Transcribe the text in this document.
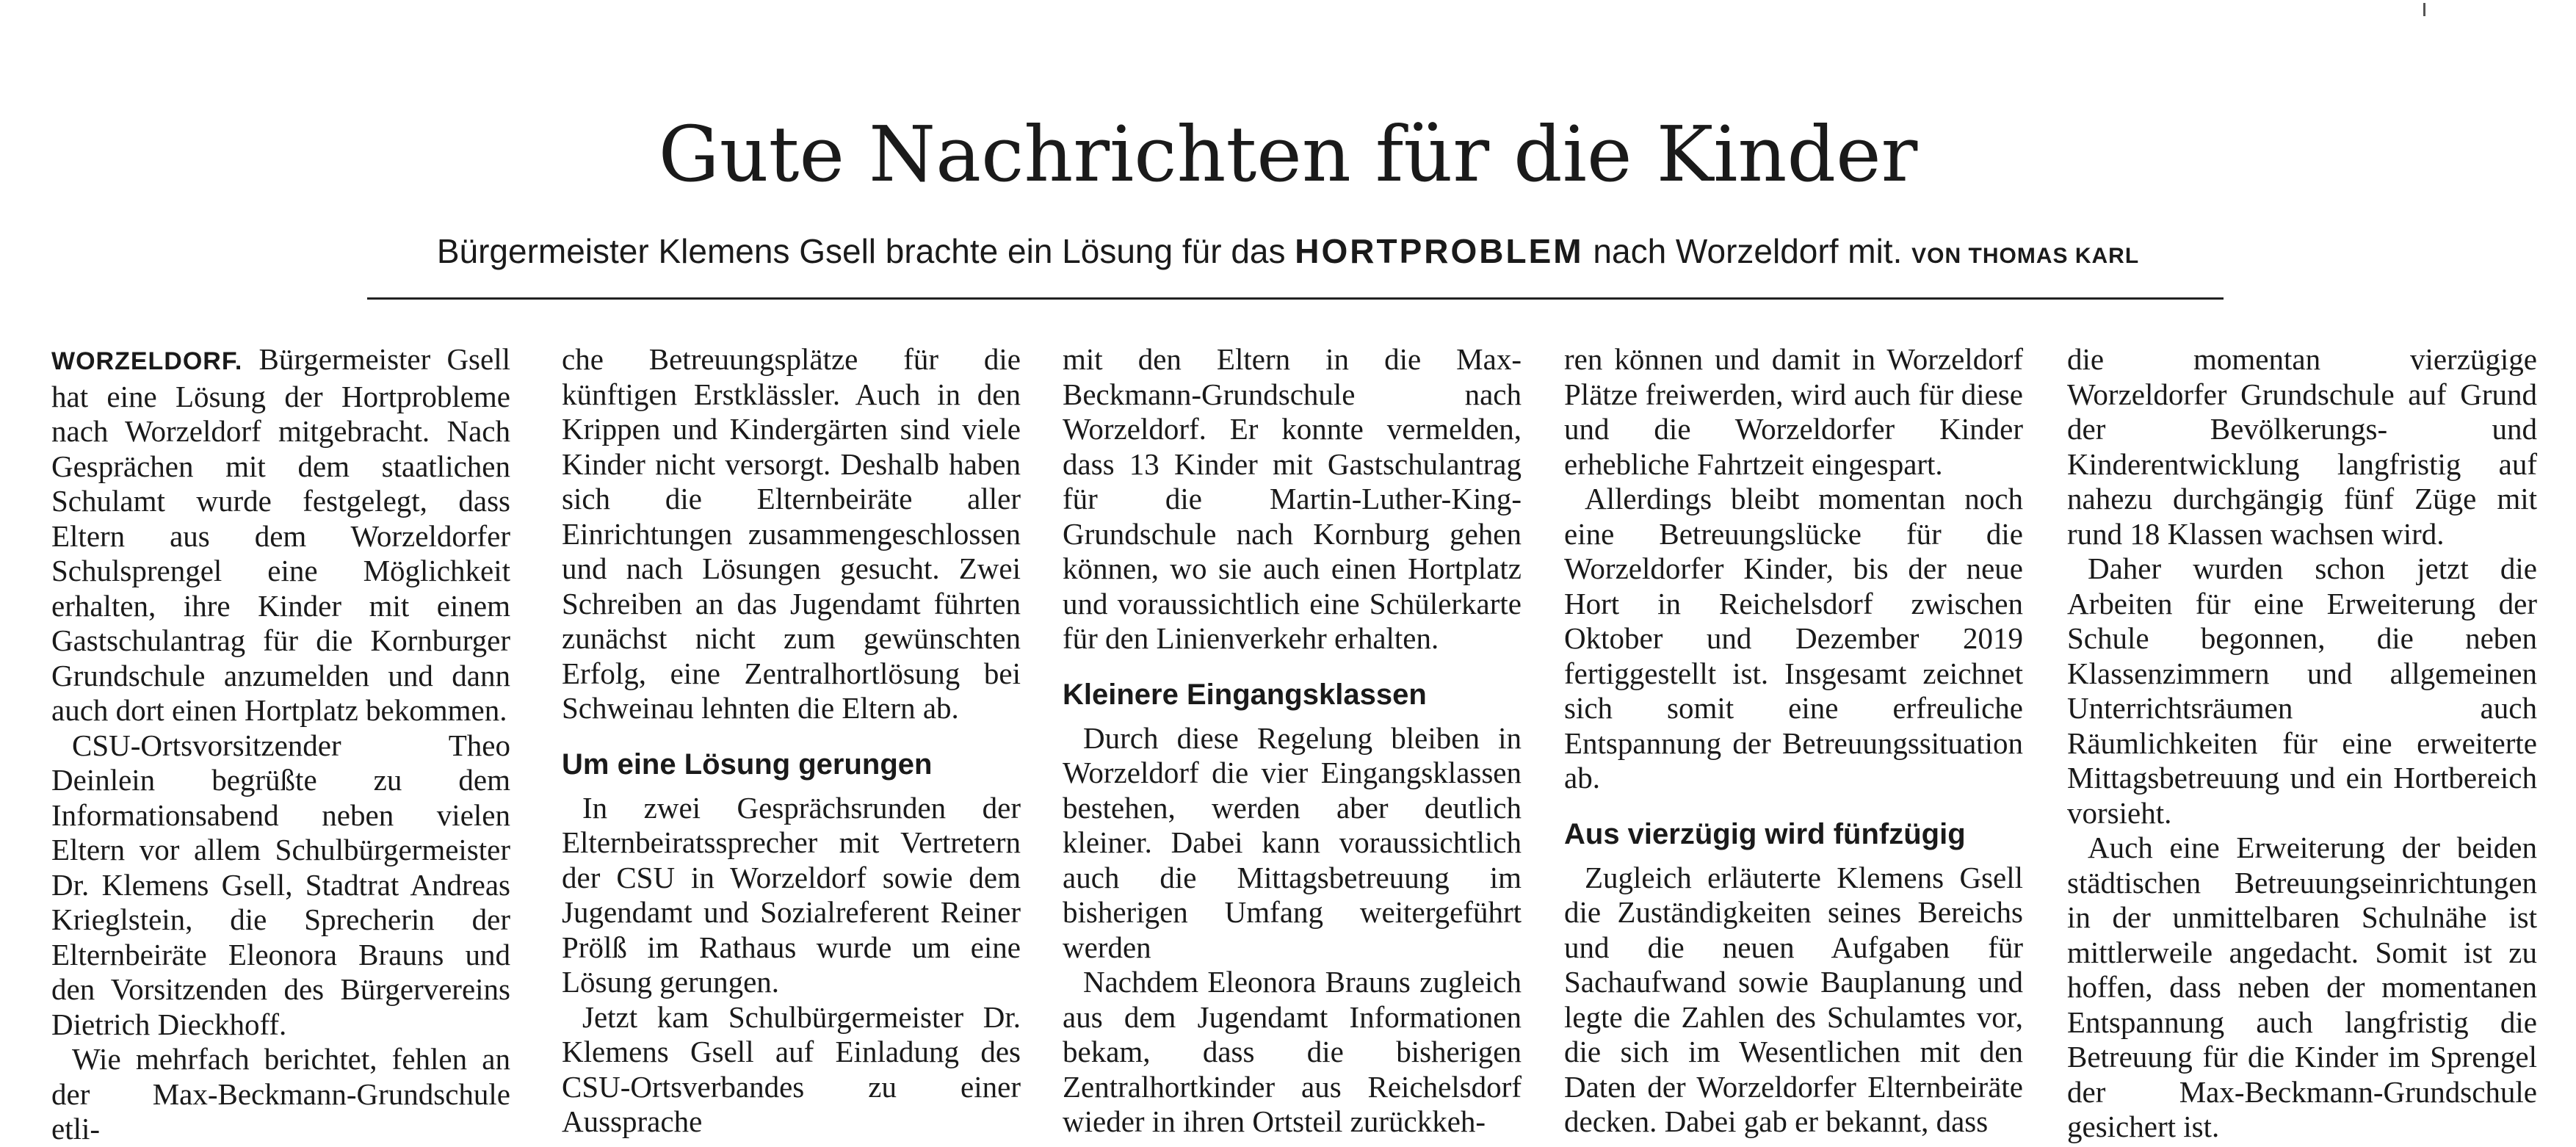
Gute Nachrichten für die Kinder
Bürgermeister Klemens Gsell brachte ein Lösung für das HORTPROBLEM nach Worzeldorf mit. VON THOMAS KARL

WORZELDORF. Bürgermeister Gsell hat eine Lösung der Hortprobleme nach Worzeldorf mitgebracht. Nach Gesprächen mit dem staatlichen Schulamt wurde festgelegt, dass Eltern aus dem Worzeldorfer Schulsprengel eine Möglichkeit erhalten, ihre Kinder mit einem Gastschulantrag für die Kornburger Grundschule anzumelden und dann auch dort einen Hortplatz bekommen.

CSU-Ortsvorsitzender Theo Deinlein begrüßte zu dem Informationsabend neben vielen Eltern vor allem Schulbürgermeister Dr. Klemens Gsell, Stadtrat Andreas Krieglstein, die Sprecherin der Elternbeiräte Eleonora Brauns und den Vorsitzenden des Bürgervereins Dietrich Dieckhoff.

Wie mehrfach berichtet, fehlen an der Max-Beckmann-Grundschule etli-

che Betreuungsplätze für die künftigen Erstklässler. Auch in den Krippen und Kindergärten sind viele Kinder nicht versorgt. Deshalb haben sich die Elternbeiräte aller Einrichtungen zusammengeschlossen und nach Lösungen gesucht. Zwei Schreiben an das Jugendamt führten zunächst nicht zum gewünschten Erfolg, eine Zentralhortlösung bei Schweinau lehnten die Eltern ab.

Um eine Lösung gerungen

In zwei Gesprächsrunden der Elternbeiratssprecher mit Vertretern der CSU in Worzeldorf sowie dem Jugendamt und Sozialreferent Reiner Prölß im Rathaus wurde um eine Lösung gerungen.

Jetzt kam Schulbürgermeister Dr. Klemens Gsell auf Einladung des CSU-Ortsverbandes zu einer Aussprache

mit den Eltern in die Max-Beckmann-Grundschule nach Worzeldorf. Er konnte vermelden, dass 13 Kinder mit Gastschulantrag für die Martin-Luther-King-Grundschule nach Kornburg gehen können, wo sie auch einen Hortplatz und voraussichtlich eine Schülerkarte für den Linienverkehr erhalten.

Kleinere Eingangsklassen

Durch diese Regelung bleiben in Worzeldorf die vier Eingangsklassen bestehen, werden aber deutlich kleiner. Dabei kann voraussichtlich auch die Mittagsbetreuung im bisherigen Umfang weitergeführt werden

Nachdem Eleonora Brauns zugleich aus dem Jugendamt Informationen bekam, dass die bisherigen Zentralhortkinder aus Reichelsdorf wieder in ihren Ortsteil zurückkeh-

ren können und damit in Worzeldorf Plätze freiwerden, wird auch für diese und die Worzeldorfer Kinder erhebliche Fahrtzeit eingespart.

Allerdings bleibt momentan noch eine Betreuungslücke für die Worzeldorfer Kinder, bis der neue Hort in Reichelsdorf zwischen Oktober und Dezember 2019 fertiggestellt ist. Insgesamt zeichnet sich somit eine erfreuliche Entspannung der Betreuungssituation ab.

Aus vierzügig wird fünfzügig

Zugleich erläuterte Klemens Gsell die Zuständigkeiten seines Bereichs und die neuen Aufgaben für Sachaufwand sowie Bauplanung und legte die Zahlen des Schulamtes vor, die sich im Wesentlichen mit den Daten der Worzeldorfer Elternbeiräte decken. Dabei gab er bekannt, dass

die momentan vierzügige Worzeldorfer Grundschule auf Grund der Bevölkerungs- und Kinderentwicklung langfristig auf nahezu durchgängig fünf Züge mit rund 18 Klassen wachsen wird.

Daher wurden schon jetzt die Arbeiten für eine Erweiterung der Schule begonnen, die neben Klassenzimmern und allgemeinen Unterrichtsräumen auch Räumlichkeiten für eine erweiterte Mittagsbetreuung und ein Hortbereich vorsieht.

Auch eine Erweiterung der beiden städtischen Betreuungseinrichtungen in der unmittelbaren Schulnähe ist mittlerweile angedacht. Somit ist zu hoffen, dass neben der momentanen Entspannung auch langfristig die Betreuung für die Kinder im Sprengel der Max-Beckmann-Grundschule gesichert ist.
